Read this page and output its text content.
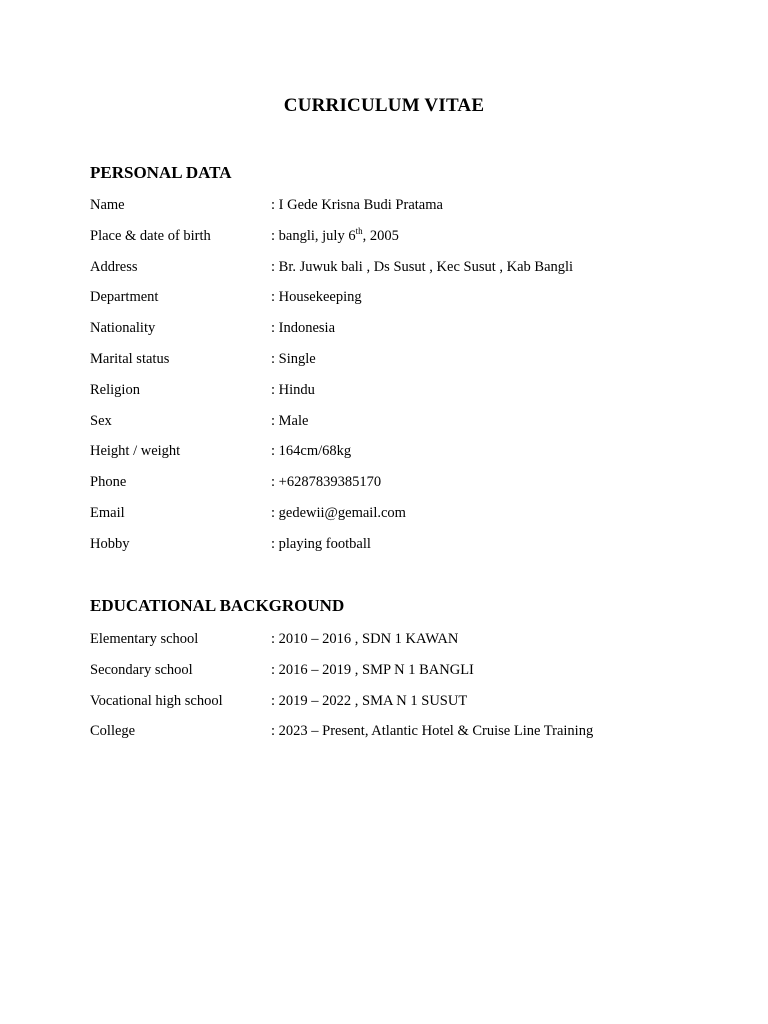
CURRICULUM VITAE
PERSONAL DATA
Name	: I Gede Krisna Budi Pratama
Place & date of birth	: bangli, july 6th, 2005
Address	: Br. Juwuk bali , Ds Susut , Kec Susut , Kab Bangli
Department	: Housekeeping
Nationality	: Indonesia
Marital status	: Single
Religion	: Hindu
Sex	: Male
Height / weight	: 164cm/68kg
Phone	: +6287839385170
Email	: gedewii@gemail.com
Hobby	: playing football
EDUCATIONAL BACKGROUND
Elementary school	: 2010 – 2016 , SDN 1 KAWAN
Secondary school	: 2016 – 2019 , SMP N 1 BANGLI
Vocational high school	: 2019 – 2022 , SMA N 1 SUSUT
College	: 2023 – Present, Atlantic Hotel & Cruise Line Training
